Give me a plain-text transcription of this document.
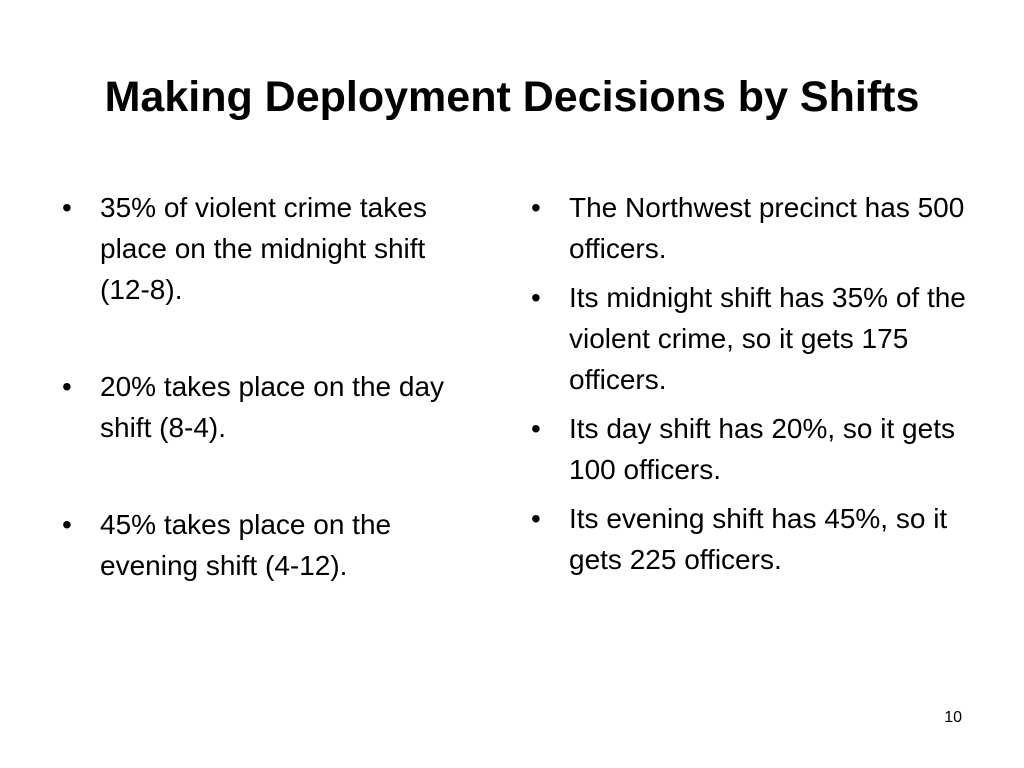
Making Deployment Decisions by Shifts
•	35% of violent crime takes place on the midnight shift (12-8).
•	20% takes place on the day shift (8-4).
•	45% takes place on the evening shift (4-12).
•	The Northwest precinct has 500 officers.
•	Its midnight shift has 35% of the violent crime, so it gets 175 officers.
•	Its day shift has 20%, so it gets 100 officers.
•	Its evening shift has 45%, so it gets 225 officers.
10
